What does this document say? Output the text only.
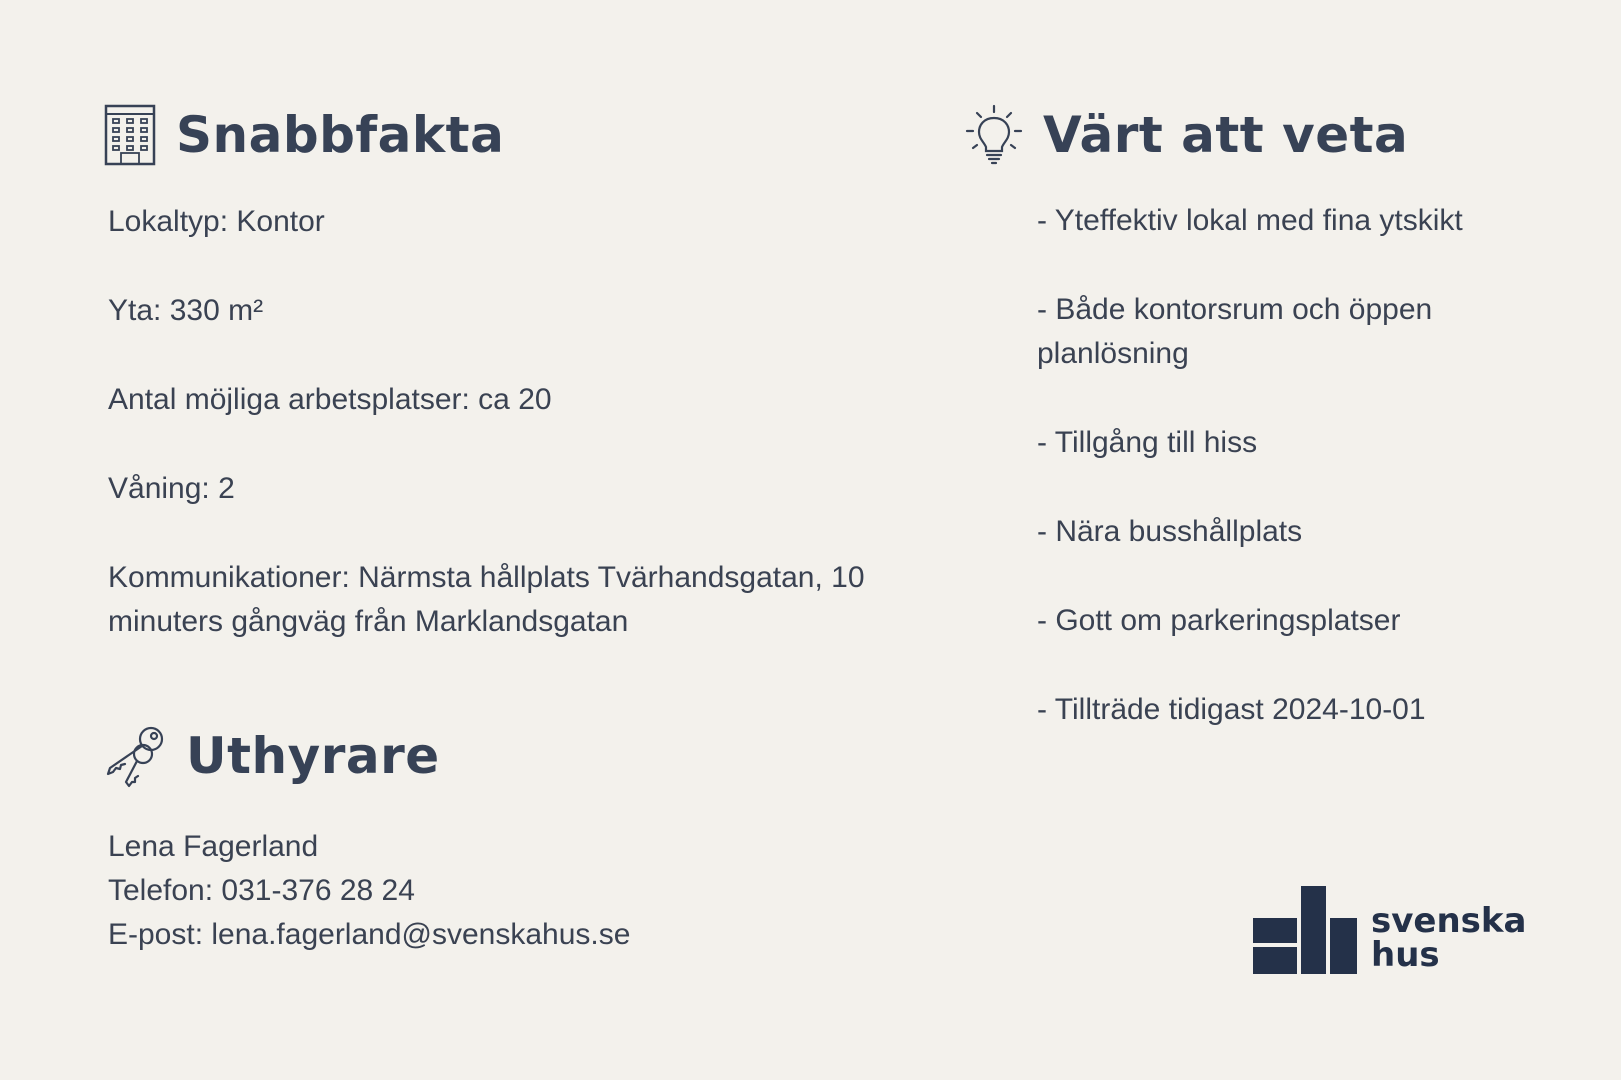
Snabbfakta
Lokaltyp: Kontor
Yta: 330 m²
Antal möjliga arbetsplatser: ca 20
Våning: 2
Kommunikationer: Närmsta hållplats Tvärhandsgatan, 10 minuters gångväg från Marklandsgatan
Värt att veta
- Yteffektiv lokal med fina ytskikt
- Både kontorsrum och öppen planlösning
- Tillgång till hiss
- Nära busshållplats
- Gott om parkeringsplatser
- Tillträde tidigast 2024-10-01
Uthyrare
Lena Fagerland
Telefon: 031-376 28 24
E-post: lena.fagerland@svenskahus.se	svenska
hus
